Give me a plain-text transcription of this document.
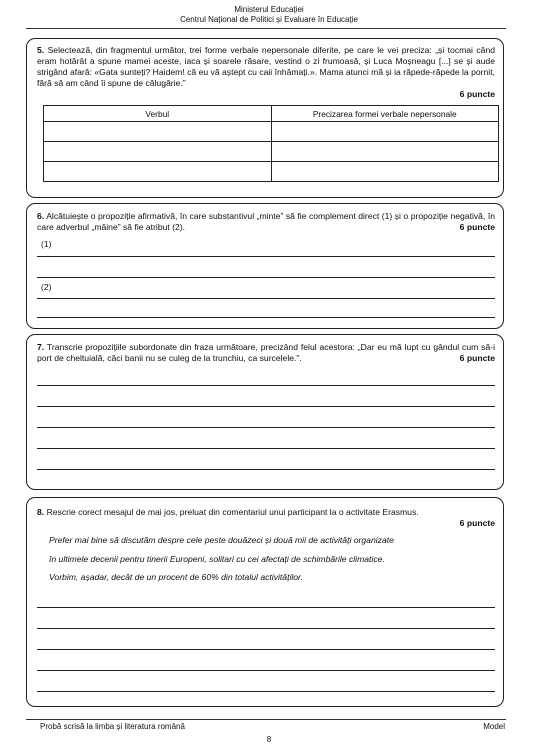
Ministerul Educației
Centrul Național de Politici și Evaluare în Educație
5. Selectează, din fragmentul următor, trei forme verbale nepersonale diferite, pe care le vei preciza: „și tocmai când eram hotărât a spune mamei aceste, iaca și soarele răsare, vestind o zi frumoasă, și Luca Moșneagu [...] se și aude strigând afară: «Gata sunteți? Haidem! că eu vă aștept cu caii înhămați.». Mama atunci mă și ia răpede-răpede la pornit, fără să am când îi spune de călugărie.”
6 puncte
Verbul	Precizarea formei verbale nepersonale

6. Alcătuiește o propoziție afirmativă, în care substantivul „minte” să fie complement direct (1) și o propoziție negativă, în care adverbul „mâine” să fie atribut (2).	6 puncte
(1)
(2)
7. Transcrie propozițiile subordonate din fraza următoare, precizând felul acestora: „Dar eu mă lupt cu gândul cum să-i port de cheltuială, căci banii nu se culeg de la trunchiu, ca surcelele.”.	6 puncte
8. Rescrie corect mesajul de mai jos, preluat din comentariul unui participant la o activitate Erasmus.
6 puncte
Prefer mai bine să discutăm despre cele peste douăzeci și două mii de activități organizate
în ultimele decenii pentru tinerii Europeni, solitari cu cei afectați de schimbările climatice.
Vorbim, așadar, decât de un procent de 60% din totalul activităților.
Probă scrisă la limba și literatura română	Model
8
